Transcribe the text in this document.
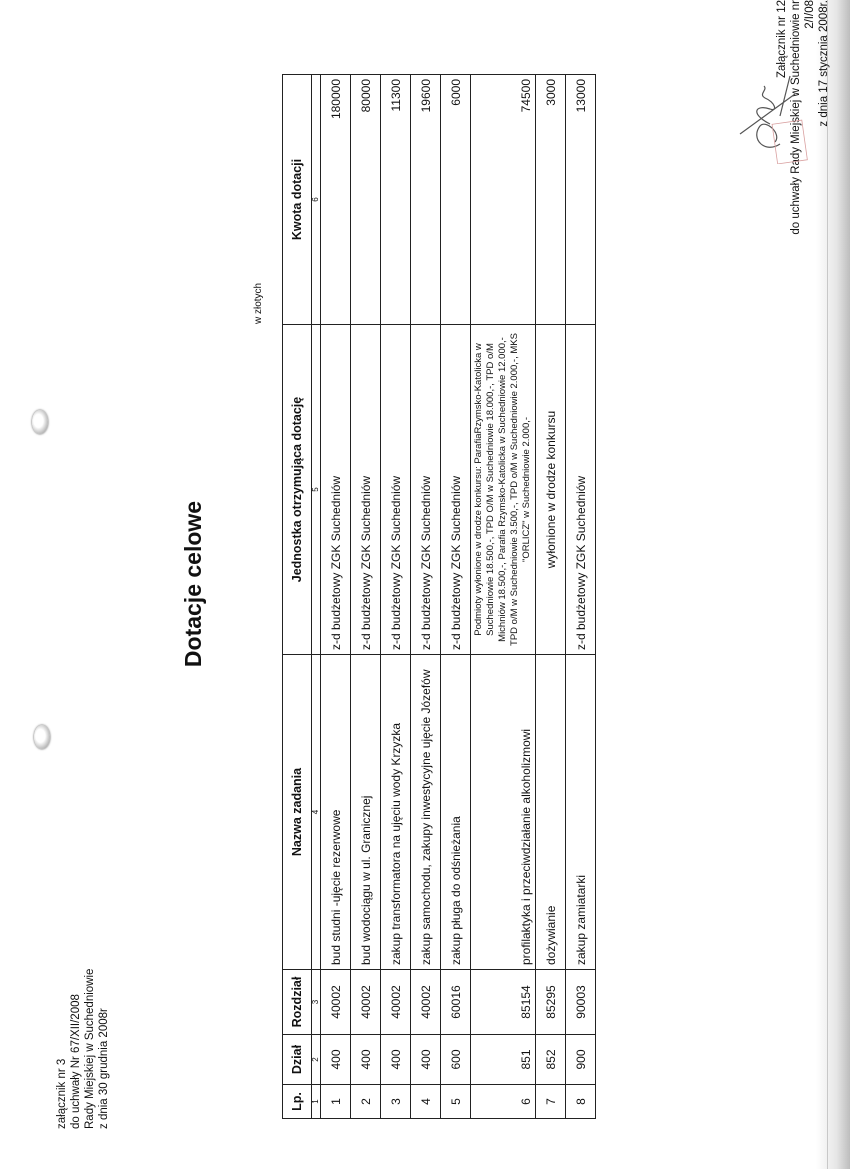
załącznik nr 3 do uchwały Nr 67/XII/2008 Rady Miejskiej w Suchedniowie z dnia 30 grudnia 2008r
Załącznik nr 12 do uchwały Rady Miejskiej w Suchedniowie nr 2/I/08 z dnia 17 stycznia 2008r.
Dotacje celowe
w złotych
Lp.	Dział	Rozdział	Nazwa zadania	Jednostka otrzymująca dotację	Kwota dotacji
1	2	3	4	5	6
1	400	40002	bud studni -ujęcie rezerwowe	z-d budżetowy ZGK Suchedniów	180000
2	400	40002	bud wodociągu w ul. Granicznej	z-d budżetowy ZGK Suchedniów	80000
3	400	40002	zakup transformatora na ujęciu wody Krzyzka	z-d budżetowy ZGK Suchedniów	11300
4	400	40002	zakup samochodu, zakupy inwestycyjne ujęcie Józefów	z-d budżetowy ZGK Suchedniów	19600
5	600	60016	zakup pługa do odśnieżania	z-d budżetowy ZGK Suchedniów	6000
6	851	85154	profilaktyka i przeciwdziałanie alkoholizmowi	Podmioty wyłonione w drodze konkursu: ParafiaRzymsko-Katolicka w Suchedniowie 18.500,-, TPD O/M w Suchedniowie 18.000,-, TPD o/M Michniów 18.500,-, Parafia Rzymsko-Katolicka w Suchedniowie 12.000,- TPD o/M w Suchedniowie 3.500,-, TPD o/M w Suchedniowie 2.000,-, MKS "ORLICZ" w Suchedniowie 2.000,-	74500
7	852	85295	dożywianie	wyłonione w drodze konkursu	3000
8	900	90003	zakup zamiatarki	z-d budżetowy ZGK Suchedniów	13000
